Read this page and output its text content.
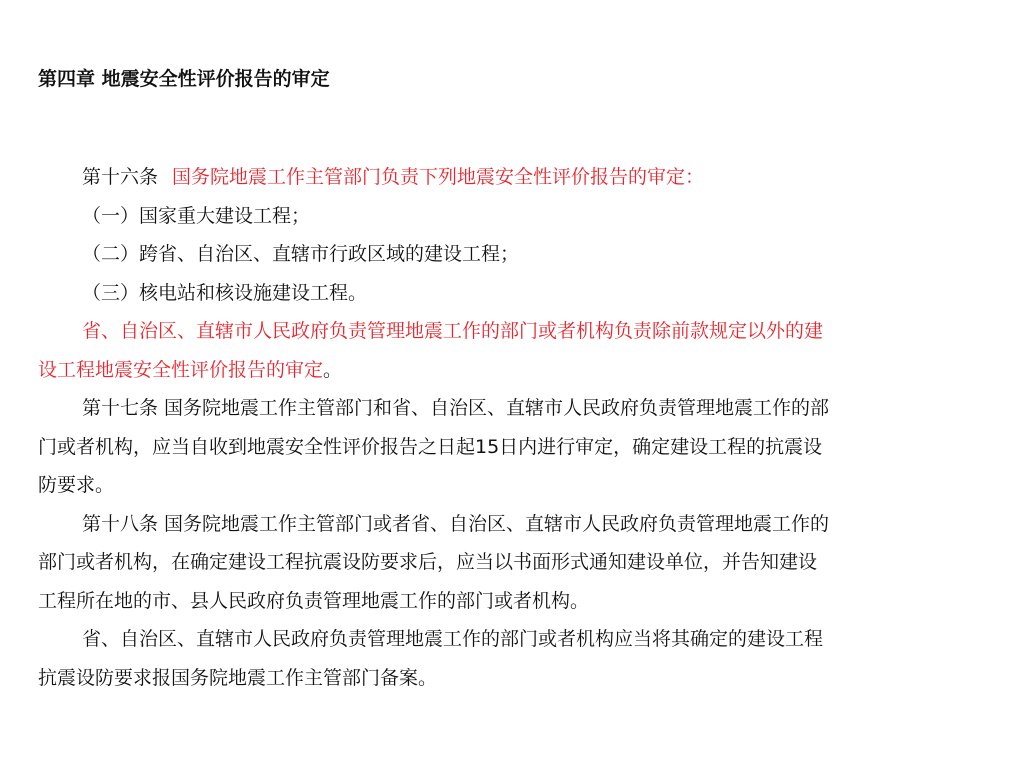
第四章 地震安全性评价报告的审定
第十六条 国务院地震工作主管部门负责下列地震安全性评价报告的审定：
（一）国家重大建设工程；
（二）跨省、自治区、直辖市行政区域的建设工程；
（三）核电站和核设施建设工程。
省、自治区、直辖市人民政府负责管理地震工作的部门或者机构负责除前款规定以外的建
设工程地震安全性评价报告的审定。
第十七条 国务院地震工作主管部门和省、自治区、直辖市人民政府负责管理地震工作的部
门或者机构，应当自收到地震安全性评价报告之日起15日内进行审定，确定建设工程的抗震设
防要求。
第十八条 国务院地震工作主管部门或者省、自治区、直辖市人民政府负责管理地震工作的
部门或者机构，在确定建设工程抗震设防要求后，应当以书面形式通知建设单位，并告知建设
工程所在地的市、县人民政府负责管理地震工作的部门或者机构。
省、自治区、直辖市人民政府负责管理地震工作的部门或者机构应当将其确定的建设工程
抗震设防要求报国务院地震工作主管部门备案。
